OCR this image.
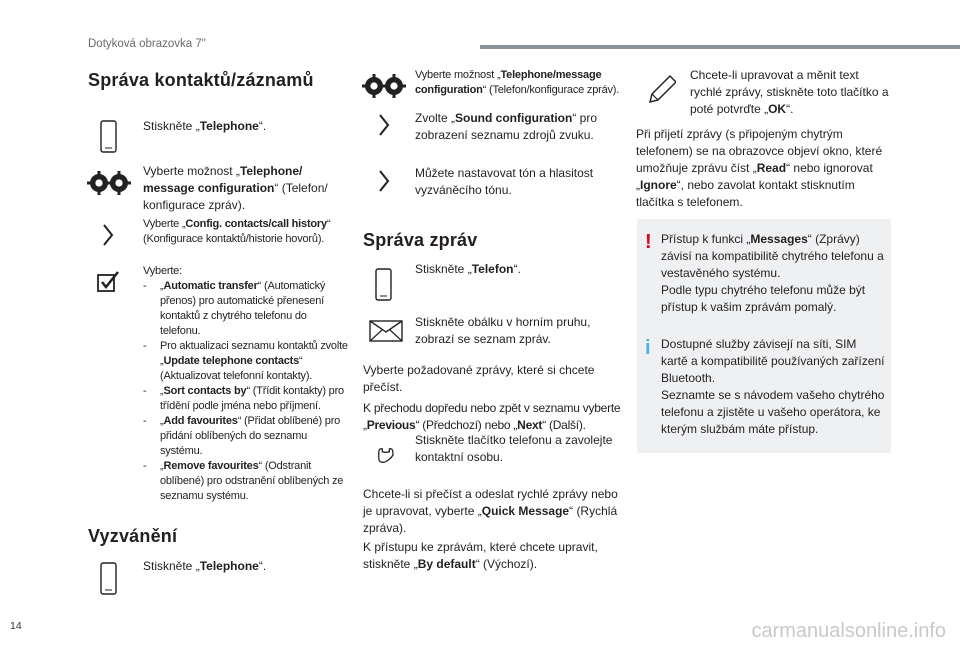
Dotyková obrazovka 7"
Správa kontaktů/záznamů
Stiskněte „Telephone“.
Vyberte možnost „Telephone/ message configuration“ (Telefon/ konfigurace zpráv).
Vyberte „Config. contacts/call history“ (Konfigurace kontaktů/historie hovorů).
Vyberte:
-	„Automatic transfer“ (Automatický přenos) pro automatické přenesení kontaktů z chytrého telefonu do telefonu.
-	Pro aktualizaci seznamu kontaktů zvolte „Update telephone contacts“ (Aktualizovat telefonní kontakty).
-	„Sort contacts by“ (Třídit kontakty) pro třídění podle jména nebo příjmení.
-	„Add favourites“ (Přidat oblíbené) pro přidání oblíbených do seznamu systému.
-	„Remove favourites“ (Odstranit oblíbené) pro odstranění oblíbených ze seznamu systému.
Vyzvánění
Stiskněte „Telephone“.
Vyberte možnost „Telephone/message configuration“ (Telefon/konfigurace zpráv).
Zvolte „Sound configuration“ pro zobrazení seznamu zdrojů zvuku.
Můžete nastavovat tón a hlasitost vyzváněcího tónu.
Správa zpráv
Stiskněte „Telefon“.
Stiskněte obálku v horním pruhu, zobrazí se seznam zpráv.
Vyberte požadované zprávy, které si chcete přečíst.
K přechodu dopředu nebo zpět v seznamu vyberte „Previous“ (Předchozí) nebo „Next“ (Další).
Stiskněte tlačítko telefonu a zavolejte kontaktní osobu.
Chcete-li si přečíst a odeslat rychlé zprávy nebo je upravovat, vyberte „Quick Message“ (Rychlá zpráva).
K přístupu ke zprávám, které chcete upravit, stiskněte „By default“ (Výchozí).
Chcete-li upravovat a měnit text rychlé zprávy, stiskněte toto tlačítko a poté potvrďte „OK“.
Při přijetí zprávy (s připojeným chytrým telefonem) se na obrazovce objeví okno, které umožňuje zprávu číst „Read“ nebo ignorovat „Ignore“, nebo zavolat kontakt stisknutím tlačítka s telefonem.
! Přístup k funkci „Messages“ (Zprávy) závisí na kompatibilitě chytrého telefonu a vestavěného systému.
Podle typu chytrého telefonu může být přístup k vašim zprávám pomalý.
i Dostupné služby závisejí na síti, SIM kartě a kompatibilitě používaných zařízení Bluetooth.
Seznamte se s návodem vašeho chytrého telefonu a zjistěte u vašeho operátora, ke kterým službám máte přístup.
14	carmanualsonline.info
